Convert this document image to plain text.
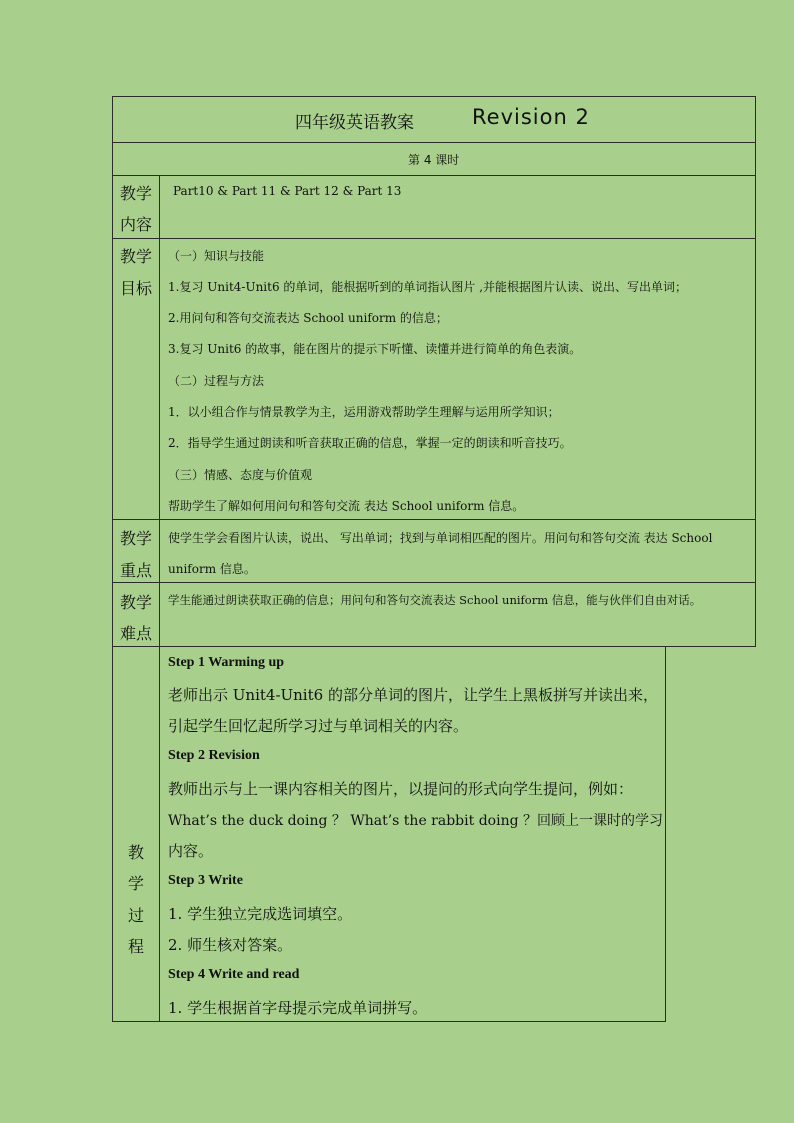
四年级英语教案	Revision 2
第 4 课时
教学
内容
Part10 & Part 11 & Part 12 & Part 13
教学
目标
（一）知识与技能
1.复习 Unit4-Unit6 的单词，能根据听到的单词指认图片 ,并能根据图片认读、说出、写出单词；
2.用问句和答句交流表达 School uniform 的信息；
3.复习 Unit6 的故事，能在图片的提示下听懂、读懂并进行简单的角色表演。
（二）过程与方法
1．以小组合作与情景教学为主，运用游戏帮助学生理解与运用所学知识；
2．指导学生通过朗读和听音获取正确的信息，掌握一定的朗读和听音技巧。
（三）情感、态度与价值观
帮助学生了解如何用问句和答句交流 表达 School uniform 信息。
教学
重点
使学生学会看图片认读，说出、 写出单词；找到与单词相匹配的图片。用问句和答句交流 表达 School
uniform 信息。
教学
难点
学生能通过朗读获取正确的信息；用问句和答句交流表达 School uniform 信息，能与伙伴们自由对话。
教
学
过
程
Step 1 Warming up
老师出示 Unit4-Unit6 的部分单词的图片，让学生上黑板拼写并读出来，
引起学生回忆起所学习过与单词相关的内容。
Step 2 Revision
教师出示与上一课内容相关的图片，以提问的形式向学生提问，例如：
What’s the duck doing ？ What’s the rabbit doing ？回顾上一课时的学习
内容。
Step 3 Write
1. 学生独立完成选词填空。
2. 师生核对答案。
Step 4 Write and read
1. 学生根据首字母提示完成单词拼写。
